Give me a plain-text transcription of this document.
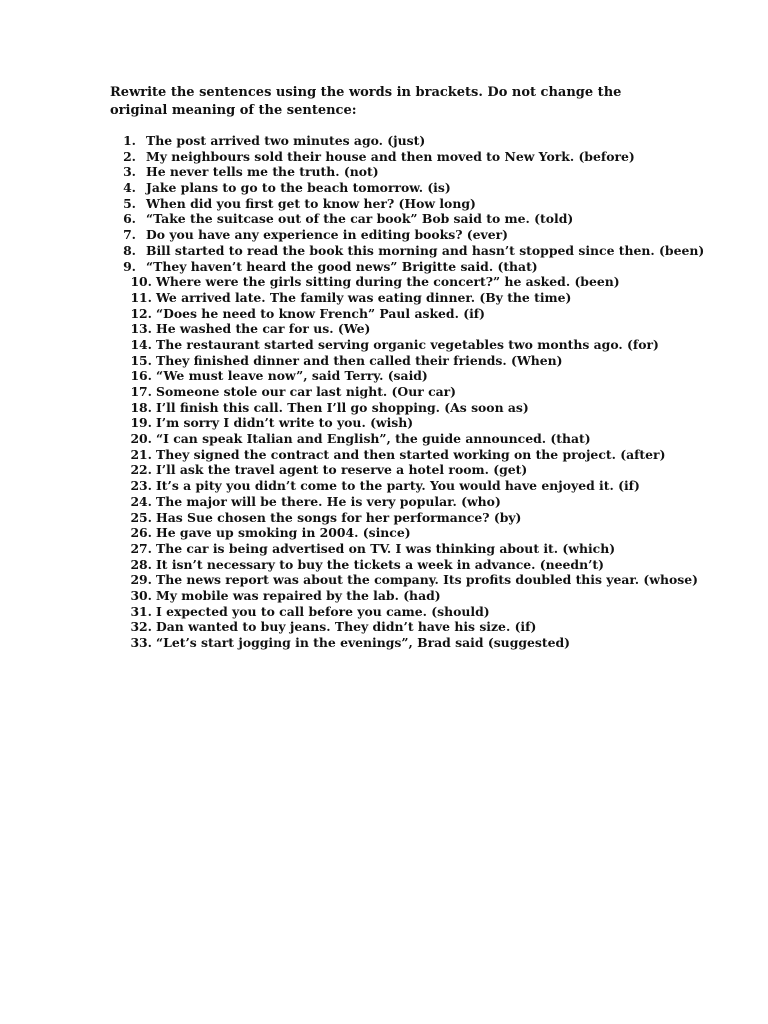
Rewrite the sentences using the words in brackets. Do not change the original meaning of the sentence:

1. The post arrived two minutes ago. (just)
2. My neighbours sold their house and then moved to New York. (before)
3. He never tells me the truth. (not)
4. Jake plans to go to the beach tomorrow. (is)
5. When did you first get to know her? (How long)
6. “Take the suitcase out of the car book” Bob said to me. (told)
7. Do you have any experience in editing books? (ever)
8. Bill started to read the book this morning and hasn’t stopped since then. (been)
9. “They haven’t heard the good news” Brigitte said. (that)
10. Where were the girls sitting during the concert?” he asked. (been)
11. We arrived late. The family was eating dinner. (By the time)
12. “Does he need to know French” Paul asked. (if)
13. He washed the car for us. (We)
14. The restaurant started serving organic vegetables two months ago. (for)
15. They finished dinner and then called their friends. (When)
16. “We must leave now”, said Terry. (said)
17. Someone stole our car last night. (Our car)
18. I’ll finish this call. Then I’ll go shopping. (As soon as)
19. I’m sorry I didn’t write to you. (wish)
20. “I can speak Italian and English”, the guide announced. (that)
21. They signed the contract and then started working on the project. (after)
22. I’ll ask the travel agent to reserve a hotel room. (get)
23. It’s a pity you didn’t come to the party. You would have enjoyed it. (if)
24. The major will be there. He is very popular. (who)
25. Has Sue chosen the songs for her performance? (by)
26. He gave up smoking in 2004. (since)
27. The car is being advertised on TV. I was thinking about it. (which)
28. It isn’t necessary to buy the tickets a week in advance. (needn’t)
29. The news report was about the company. Its profits doubled this year. (whose)
30. My mobile was repaired by the lab. (had)
31. I expected you to call before you came. (should)
32. Dan wanted to buy jeans. They didn’t have his size. (if)
33. “Let’s start jogging in the evenings”, Brad said (suggested)
